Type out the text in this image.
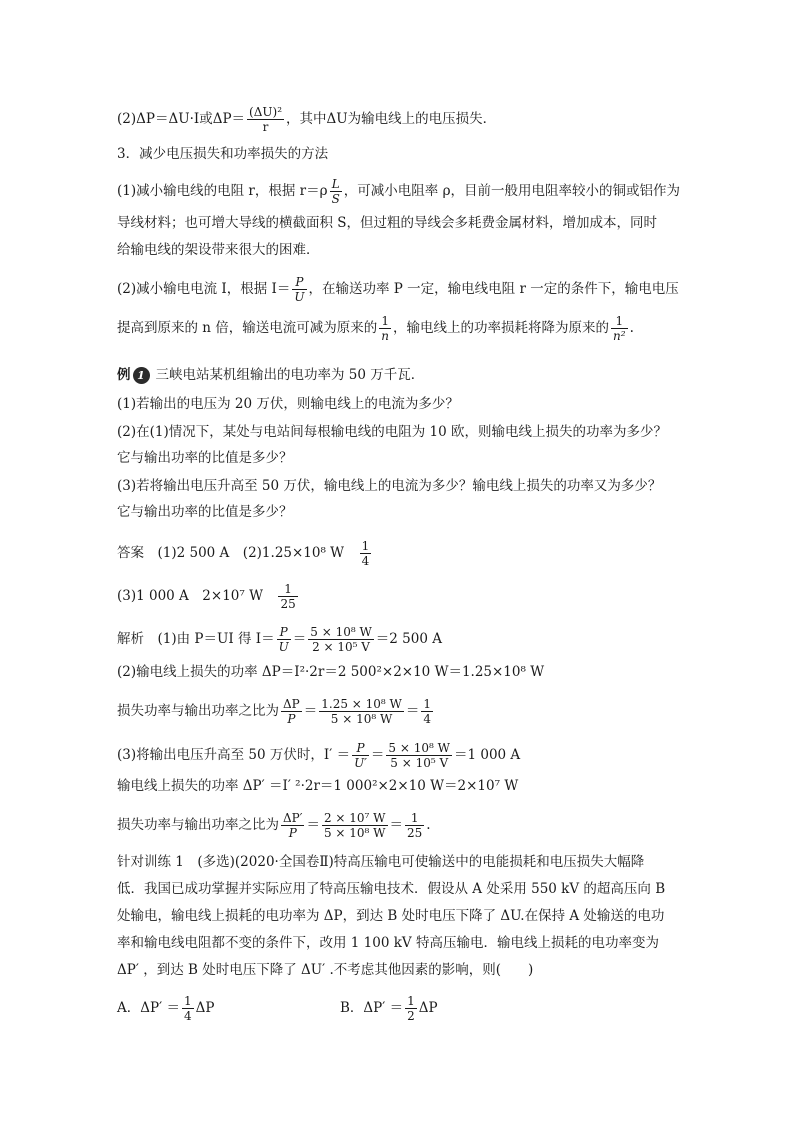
(2)ΔP＝ΔU·I或$\Delta P= \frac{\text{(ΔU)²}}{r}$ ，其中ΔU为输电线上的电压损失．
3．减少电压损失和功率损失的方法
(1)减小输电线的电阻 r，根据 $r=\rho \frac{L}{S}$ ，可减小电阻率 ρ，目前一般用电阻率较小的铜或铝作为
导线材料；也可增大导线的横截面积 S，但过粗的导线会多耗费金属材料，增加成本，同时
给输电线的架设带来很大的困难．
(2)减小输电电流 I，根据 $I= \frac{P}{U}$ ，在输送功率 P 一定，输电线电阻 r 一定的条件下，输电电压
提高到原来的 n 倍，输送电流可减为原来的 $\frac{1}{n}$ ，输电线上的功率损耗将降为原来的 $\frac{1}{\text{n²}}$ .
例 1 三峡电站某机组输出的电功率为 50 万千瓦．
(1)若输出的电压为 20 万伏，则输电线上的电流为多少？
(2)在(1)情况下，某处与电站间每根输电线的电阻为 10 欧，则输电线上损失的功率为多少？
它与输出功率的比值是多少？
(3)若将输出电压升高至 50 万伏，输电线上的电流为多少？输电线上损失的功率又为多少？
它与输出功率的比值是多少？
答案　 (1)2 500 A　(2)1.25×10⁸ W　 $\frac{1}{4}$
(3)1 000 A　2×10⁷ W　 $\frac{1}{25}$
解析　 (1)由 P＝UI 得 $I= \frac{P}{U} = \frac{\text{5 × 10⁸ W}}{\text{2 × 10⁵ V}} =2$ 500 A
(2)输电线上损失的功率 ΔP＝I²·2r＝2 500²×2×10 W＝1.25×10⁸ W
损失功率与输出功率之比为 $\frac{\Delta P}{P} = \frac{\text{1.25 × 10⁸ W}}{\text{5 × 10⁸ W}} = \frac{1}{4}$
(3)将输出电压升高至 50 万伏时，$I' = \frac{P}{U'} = \frac{\text{5 × 10⁸ W}}{\text{5 × 10⁵ V}} =1$ 000 A
输电线上损失的功率 ΔP′ ＝I′ ²·2r＝1 000²×2×10 W＝2×10⁷ W
损失功率与输出功率之比为 $\frac{\Delta P'}{P} = \frac{\text{2 × 10⁷ W}}{\text{5 × 10⁸ W}} = \frac{1}{25}$ .
针对训练 1　(多选)(2020·全国卷Ⅱ)特高压输电可使输送中的电能损耗和电压损失大幅降
低．我国已成功掌握并实际应用了特高压输电技术．假设从 A 处采用 550 kV 的超高压向 B
处输电，输电线上损耗的电功率为 ΔP，到达 B 处时电压下降了 ΔU.在保持 A 处输送的电功
率和输电线电阻都不变的条件下，改用 1 100 kV 特高压输电．输电线上损耗的电功率变为
ΔP′ ，到达 B 处时电压下降了 ΔU′ .不考虑其他因素的影响，则(　　)
A．$\Delta P' = \frac{1}{4}$ ΔP	B．$\Delta P' = \frac{1}{2}$ ΔP
